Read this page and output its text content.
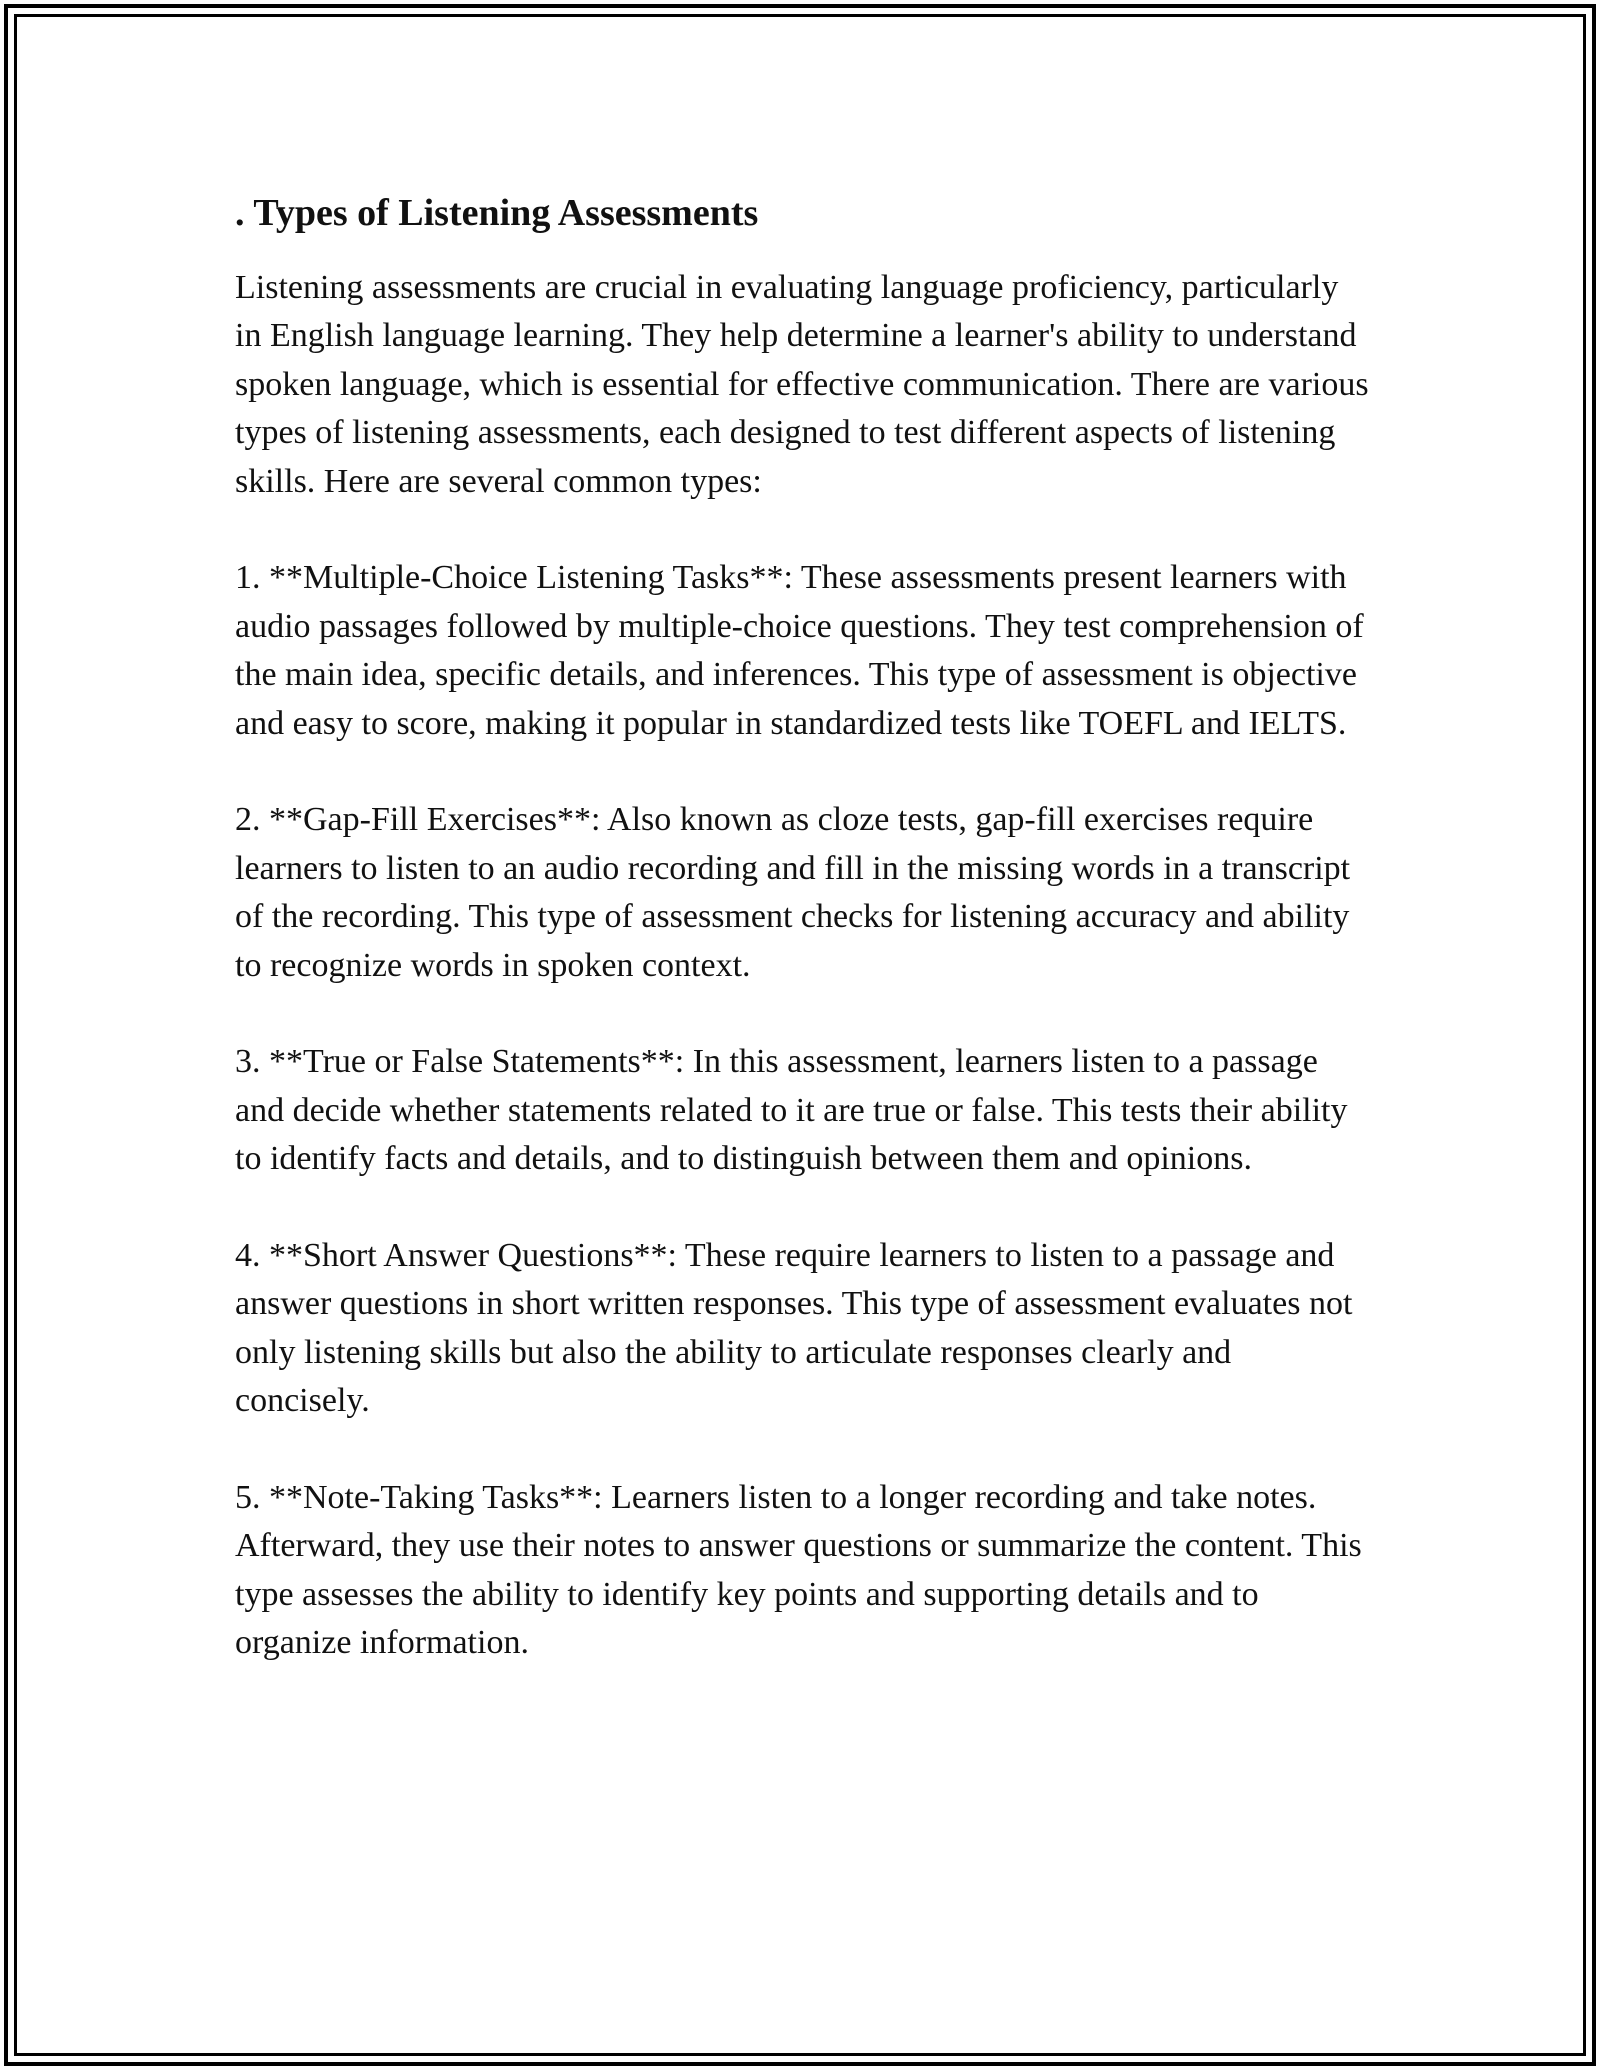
. Types of Listening Assessments

Listening assessments are crucial in evaluating language proficiency, particularly in English language learning. They help determine a learner's ability to understand spoken language, which is essential for effective communication. There are various types of listening assessments, each designed to test different aspects of listening skills. Here are several common types:

1. **Multiple-Choice Listening Tasks**: These assessments present learners with audio passages followed by multiple-choice questions. They test comprehension of the main idea, specific details, and inferences. This type of assessment is objective and easy to score, making it popular in standardized tests like TOEFL and IELTS.

2. **Gap-Fill Exercises**: Also known as cloze tests, gap-fill exercises require learners to listen to an audio recording and fill in the missing words in a transcript of the recording. This type of assessment checks for listening accuracy and ability to recognize words in spoken context.

3. **True or False Statements**: In this assessment, learners listen to a passage and decide whether statements related to it are true or false. This tests their ability to identify facts and details, and to distinguish between them and opinions.

4. **Short Answer Questions**: These require learners to listen to a passage and answer questions in short written responses. This type of assessment evaluates not only listening skills but also the ability to articulate responses clearly and concisely.

5. **Note-Taking Tasks**: Learners listen to a longer recording and take notes. Afterward, they use their notes to answer questions or summarize the content. This type assesses the ability to identify key points and supporting details and to organize information.
